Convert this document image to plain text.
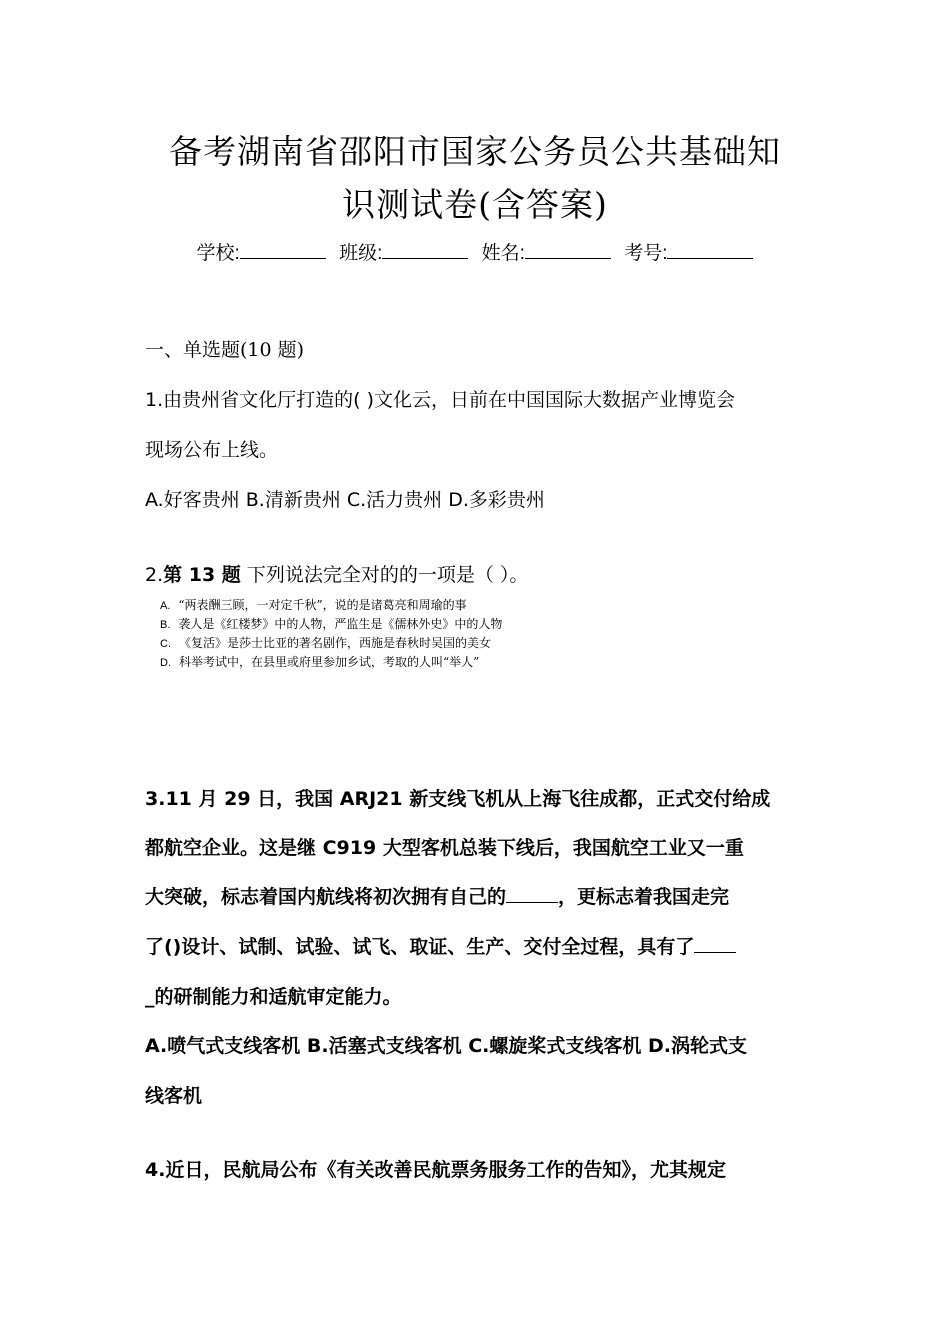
备考湖南省邵阳市国家公务员公共基础知
识测试卷(含答案)
学校:	班级:	姓名:	考号:
一、单选题(10 题)
1.由贵州省文化厅打造的( )文化云，日前在中国国际大数据产业博览会
现场公布上线。
A.好客贵州 B.清新贵州 C.活力贵州 D.多彩贵州
2.第 13 题 下列说法完全对的的一项是（ ）。
A. “两表酬三顾，一对定千秋”，说的是诸葛亮和周瑜的事
B. 袭人是《红楼梦》中的人物，严监生是《儒林外史》中的人物
C. 《复活》是莎士比亚的著名剧作，西施是春秋时吴国的美女
D. 科举考试中，在县里或府里参加乡试，考取的人叫“举人”
3.11 月 29 日，我国 ARJ21 新支线飞机从上海飞往成都，正式交付给成
都航空企业。这是继 C919 大型客机总装下线后，我国航空工业又一重
大突破，标志着国内航线将初次拥有自己的	，更标志着我国走完
了()设计、试制、试验、试飞、取证、生产、交付全过程，具有了
_的研制能力和适航审定能力。
A.喷气式支线客机 B.活塞式支线客机 C.螺旋桨式支线客机 D.涡轮式支
线客机
4.近日，民航局公布《有关改善民航票务服务工作的告知》，尤其规定
